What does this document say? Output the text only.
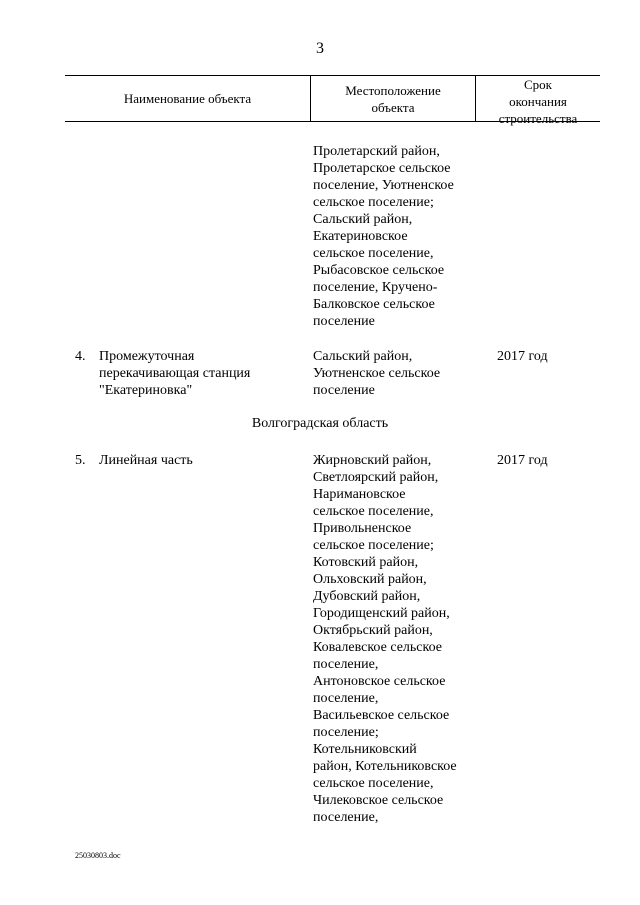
3
Наименование объекта
Местоположение
объекта
Срок
окончания
строительства
Пролетарский район,
Пролетарское сельское
поселение, Уютненское
сельское поселение;
Сальский район,
Екатериновское
сельское поселение,
Рыбасовское сельское
поселение, Кручено-
Балковское сельское
поселение
4. Промежуточная
перекачивающая станция
"Екатериновка"
Сальский район,
Уютненское сельское
поселение
2017 год
Волгоградская область
5. Линейная часть	Жирновский район,
Светлоярский район,
Наримановское
сельское поселение,
Привольненское
сельское поселение;
Котовский район,
Ольховский район,
Дубовский район,
Городищенский район,
Октябрьский район,
Ковалевское сельское
поселение,
Антоновское сельское
поселение,
Васильевское сельское
поселение;
Котельниковский
район, Котельниковское
сельское поселение,
Чилековское сельское
поселение,
2017 год
25030803.doc
